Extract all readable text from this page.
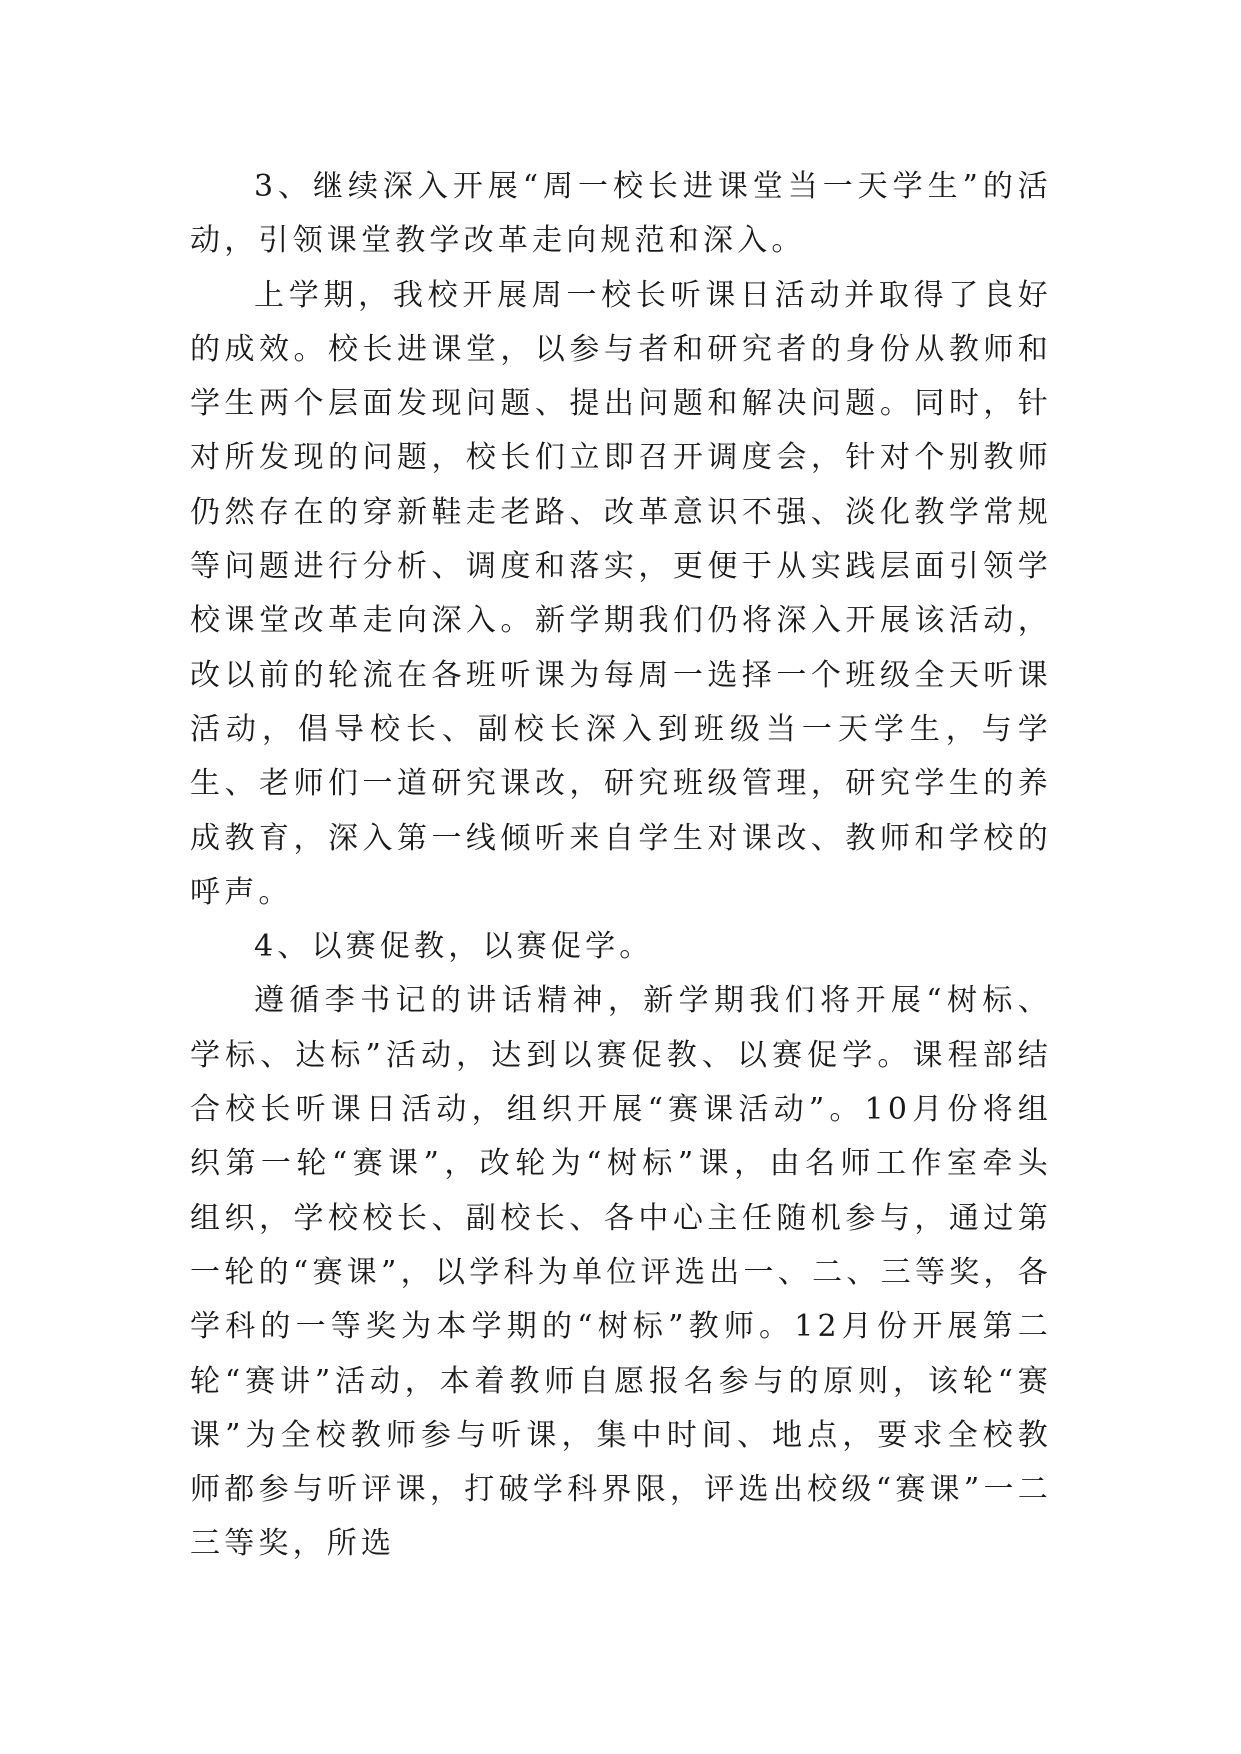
3、继续深入开展“周一校长进课堂当一天学生”的活动，引领课堂教学改革走向规范和深入。

上学期，我校开展周一校长听课日活动并取得了良好的成效。校长进课堂，以参与者和研究者的身份从教师和学生两个层面发现问题、提出问题和解决问题。同时，针对所发现的问题，校长们立即召开调度会，针对个别教师仍然存在的穿新鞋走老路、改革意识不强、淡化教学常规等问题进行分析、调度和落实，更便于从实践层面引领学校课堂改革走向深入。新学期我们仍将深入开展该活动，改以前的轮流在各班听课为每周一选择一个班级全天听课活动，倡导校长、副校长深入到班级当一天学生，与学生、老师们一道研究课改，研究班级管理，研究学生的养成教育，深入第一线倾听来自学生对课改、教师和学校的呼声。

4、以赛促教，以赛促学。

遵循李书记的讲话精神，新学期我们将开展“树标、学标、达标”活动，达到以赛促教、以赛促学。课程部结合校长听课日活动，组织开展“赛课活动”。10月份将组织第一轮“赛课”，改轮为“树标”课，由名师工作室牵头组织，学校校长、副校长、各中心主任随机参与，通过第一轮的“赛课”，以学科为单位评选出一、二、三等奖，各学科的一等奖为本学期的“树标”教师。12月份开展第二轮“赛讲”活动，本着教师自愿报名参与的原则，该轮“赛课”为全校教师参与听课，集中时间、地点，要求全校教师都参与听评课，打破学科界限，评选出校级“赛课”一二三等奖，所选
